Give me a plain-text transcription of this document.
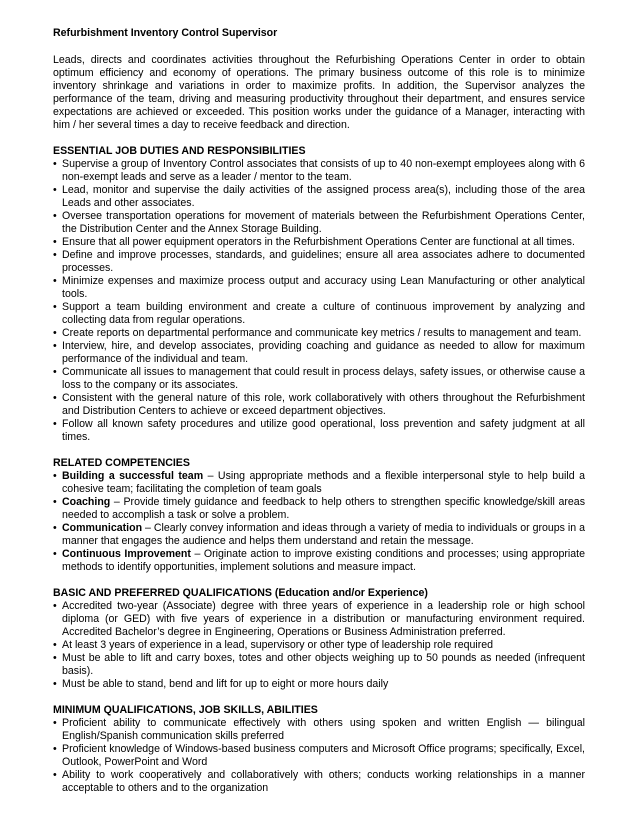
Refurbishment Inventory Control Supervisor
Leads, directs and coordinates activities throughout the Refurbishing Operations Center in order to obtain optimum efficiency and economy of operations. The primary business outcome of this role is to minimize inventory shrinkage and variations in order to maximize profits. In addition, the Supervisor analyzes the performance of the team, driving and measuring productivity throughout their department, and ensures service expectations are achieved or exceeded. This position works under the guidance of a Manager, interacting with him / her several times a day to receive feedback and direction.
ESSENTIAL JOB DUTIES AND RESPONSIBILITIES
• Supervise a group of Inventory Control associates that consists of up to 40 non-exempt employees along with 6 non-exempt leads and serve as a leader / mentor to the team.
• Lead, monitor and supervise the daily activities of the assigned process area(s), including those of the area Leads and other associates.
• Oversee transportation operations for movement of materials between the Refurbishment Operations Center, the Distribution Center and the Annex Storage Building.
• Ensure that all power equipment operators in the Refurbishment Operations Center are functional at all times.
• Define and improve processes, standards, and guidelines; ensure all area associates adhere to documented processes.
• Minimize expenses and maximize process output and accuracy using Lean Manufacturing or other analytical tools.
• Support a team building environment and create a culture of continuous improvement by analyzing and collecting data from regular operations.
• Create reports on departmental performance and communicate key metrics / results to management and team.
• Interview, hire, and develop associates, providing coaching and guidance as needed to allow for maximum performance of the individual and team.
• Communicate all issues to management that could result in process delays, safety issues, or otherwise cause a loss to the company or its associates.
• Consistent with the general nature of this role, work collaboratively with others throughout the Refurbishment and Distribution Centers to achieve or exceed department objectives.
• Follow all known safety procedures and utilize good operational, loss prevention and safety judgment at all times.
RELATED COMPETENCIES
• Building a successful team – Using appropriate methods and a flexible interpersonal style to help build a cohesive team; facilitating the completion of team goals
• Coaching – Provide timely guidance and feedback to help others to strengthen specific knowledge/skill areas needed to accomplish a task or solve a problem.
• Communication – Clearly convey information and ideas through a variety of media to individuals or groups in a manner that engages the audience and helps them understand and retain the message.
• Continuous Improvement – Originate action to improve existing conditions and processes; using appropriate methods to identify opportunities, implement solutions and measure impact.
BASIC AND PREFERRED QUALIFICATIONS (Education and/or Experience)
• Accredited two-year (Associate) degree with three years of experience in a leadership role or high school diploma (or GED) with five years of experience in a distribution or manufacturing environment required. Accredited Bachelor’s degree in Engineering, Operations or Business Administration preferred.
• At least 3 years of experience in a lead, supervisory or other type of leadership role required
• Must be able to lift and carry boxes, totes and other objects weighing up to 50 pounds as needed (infrequent basis).
• Must be able to stand, bend and lift for up to eight or more hours daily
MINIMUM QUALIFICATIONS, JOB SKILLS, ABILITIES
• Proficient ability to communicate effectively with others using spoken and written English — bilingual English/Spanish communication skills preferred
• Proficient knowledge of Windows-based business computers and Microsoft Office programs; specifically, Excel, Outlook, PowerPoint and Word
• Ability to work cooperatively and collaboratively with others; conducts working relationships in a manner acceptable to others and to the organization
